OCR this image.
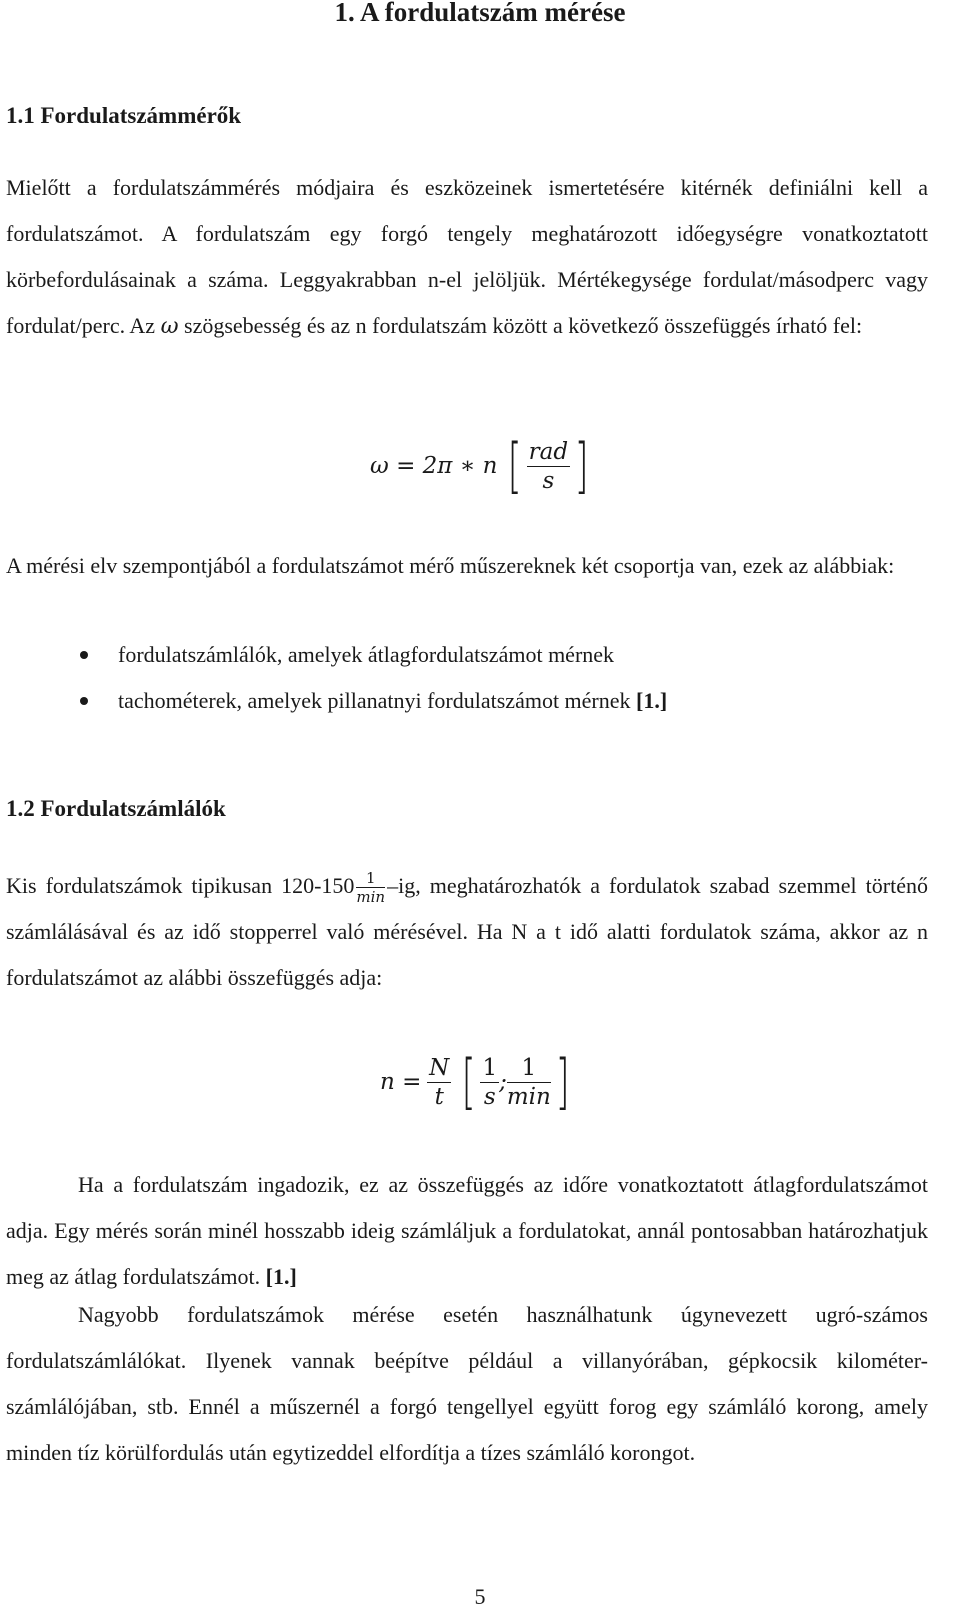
1. A fordulatszám mérése
1.1 Fordulatszámmérők
Mielőtt a fordulatszámmérés módjaira és eszközeinek ismertetésére kitérnék definiálni kell a fordulatszámot. A fordulatszám egy forgó tengely meghatározott időegységre vonatkoztatott körbefordulásainak a száma. Leggyakrabban n-el jelöljük. Mértékegysége fordulat/másodperc vagy fordulat/perc. Az ω szögsebesség és az n fordulatszám között a következő összefüggés írható fel:
ω = 2π ∗ n [ $\frac{\text{rad}}{s}$ ]
A mérési elv szempontjából a fordulatszámot mérő műszereknek két csoportja van, ezek az alábbiak:
fordulatszámlálók, amelyek átlagfordulatszámot mérnek
tachométerek, amelyek pillanatnyi fordulatszámot mérnek [1.]
1.2 Fordulatszámlálók
Kis fordulatszámok tipikusan 120-150 1
min –ig, meghatározhatók a fordulatok szabad szemmel történő számlálásával és az idő stopperrel való mérésével. Ha N a t idő alatti fordulatok száma, akkor az n fordulatszámot az alábbi összefüggés adja:
$n = \frac{N}{t}$ [ $\frac{1}{s}$ ; $\frac{1}{\min}$ ]
Ha a fordulatszám ingadozik, ez az összefüggés az időre vonatkoztatott átlagfordulatszámot adja. Egy mérés során minél hosszabb ideig számláljuk a fordulatokat, annál pontosabban határozhatjuk meg az átlag fordulatszámot. [1.]
Nagyobb fordulatszámok mérése esetén használhatunk úgynevezett ugró-számos fordulatszámlálókat. Ilyenek vannak beépítve például a villanyórában, gépkocsik kilométer-számlálójában, stb. Ennél a műszernél a forgó tengellyel együtt forog egy számláló korong, amely minden tíz körülfordulás után egytizeddel elfordítja a tízes számláló korongot.
5
